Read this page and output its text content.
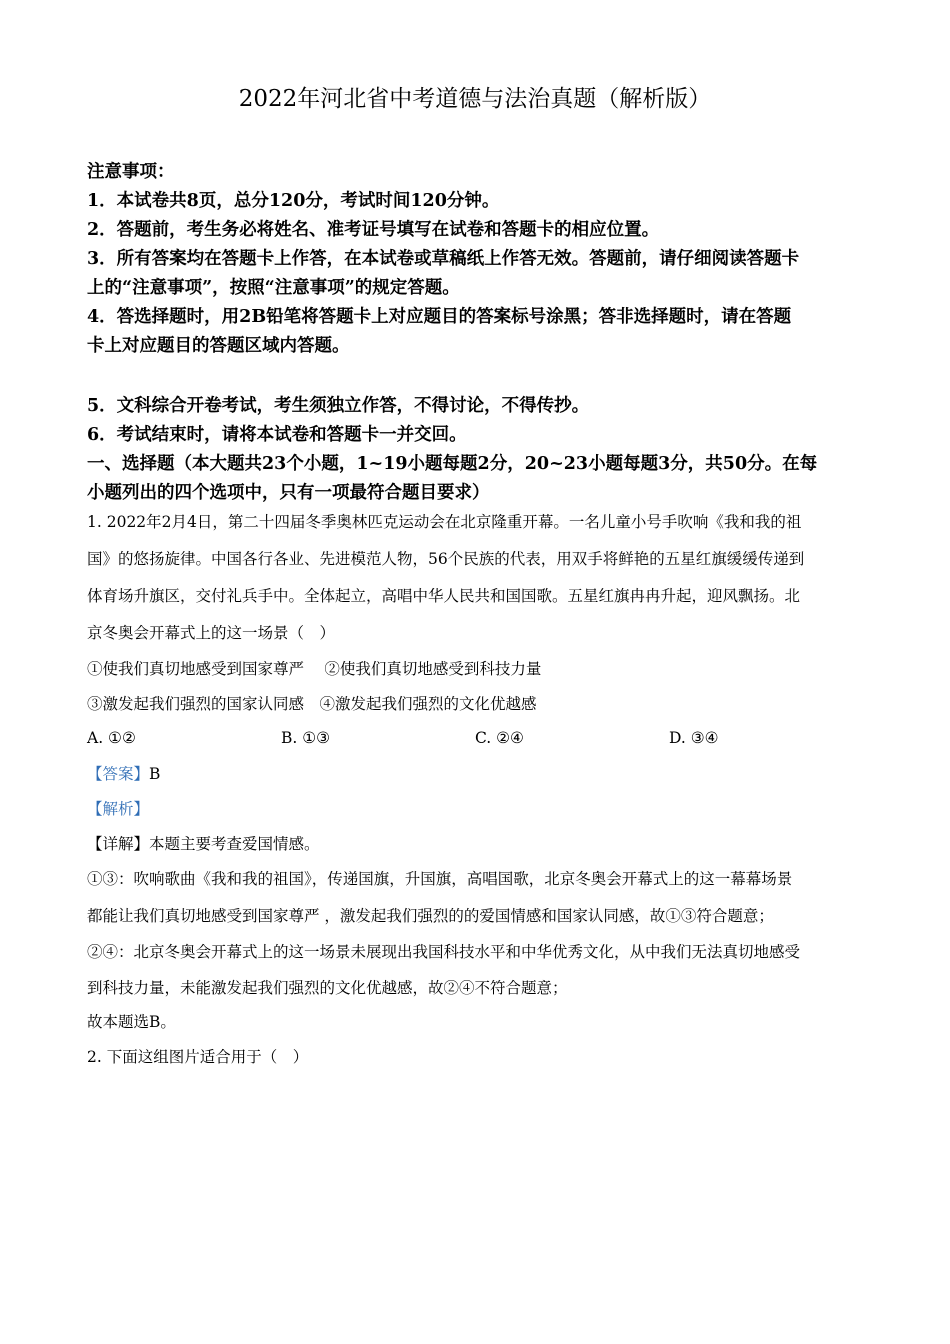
2022年河北省中考道德与法治真题（解析版）
注意事项：
1．本试卷共8页，总分120分，考试时间120分钟。
2．答题前，考生务必将姓名、准考证号填写在试卷和答题卡的相应位置。
3．所有答案均在答题卡上作答，在本试卷或草稿纸上作答无效。答题前，请仔细阅读答题卡
上的“注意事项”，按照“注意事项”的规定答题。
4．答选择题时，用2B铅笔将答题卡上对应题目的答案标号涂黑；答非选择题时，请在答题
卡上对应题目的答题区域内答题。
5．文科综合开卷考试，考生须独立作答，不得讨论，不得传抄。
6．考试结束时，请将本试卷和答题卡一并交回。
一、选择题（本大题共23个小题，1~19小题每题2分，20~23小题每题3分，共50分。在每
小题列出的四个选项中，只有一项最符合题目要求）
1. 2022年2月4日，第二十四届冬季奥林匹克运动会在北京隆重开幕。一名儿童小号手吹响《我和我的祖
国》的悠扬旋律。中国各行各业、先进模范人物，56个民族的代表，用双手将鲜艳的五星红旗缓缓传递到
体育场升旗区，交付礼兵手中。全体起立，高唱中华人民共和国国歌。五星红旗冉冉升起，迎风飘扬。北
京冬奥会开幕式上的这一场景（　）
①使我们真切地感受到国家尊严　 ②使我们真切地感受到科技力量
③激发起我们强烈的国家认同感　④激发起我们强烈的文化优越感
A. ①②	B. ①③	C. ②④	D. ③④
【答案】B
【解析】
【详解】本题主要考查爱国情感。
①③：吹响歌曲《我和我的祖国》，传递国旗，升国旗，高唱国歌，北京冬奥会开幕式上的这一幕幕场景
都能让我们真切地感受到国家尊严 ，激发起我们强烈的的爱国情感和国家认同感，故①③符合题意；
②④：北京冬奥会开幕式上的这一场景未展现出我国科技水平和中华优秀文化，从中我们无法真切地感受
到科技力量，未能激发起我们强烈的文化优越感，故②④不符合题意；
故本题选B。
2. 下面这组图片适合用于（　）
